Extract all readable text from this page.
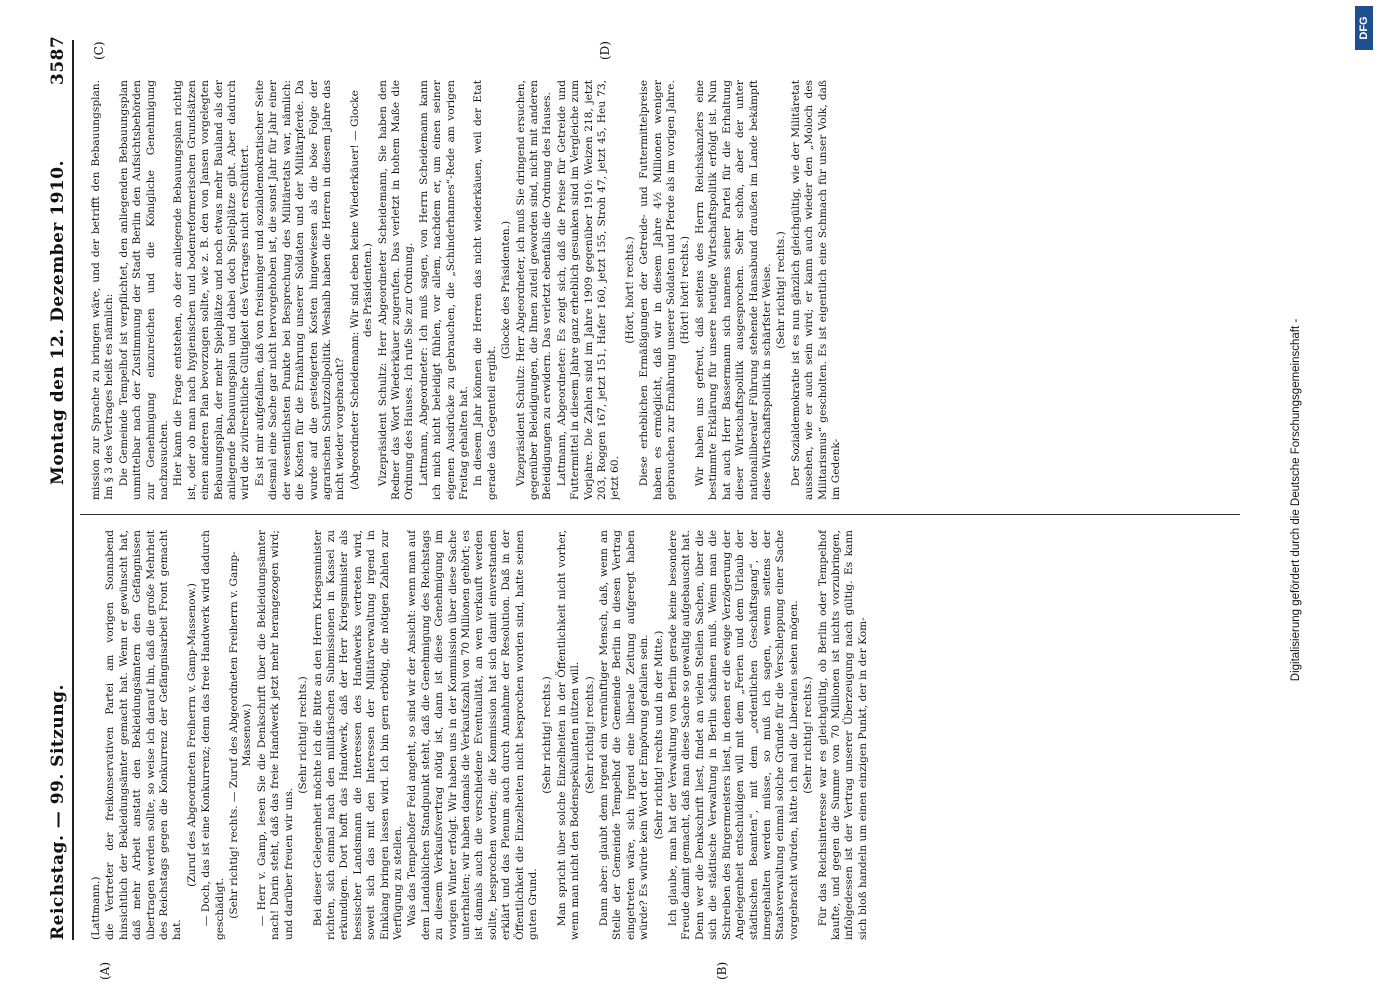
Reichstag. — 99. Sitzung.
Montag den 12. Dezember 1910.
3587
(A)	(B)
(C)	(D)

(Lattmann.) die Vertreter der freikonservativen Partei am vorigen Sonnabend hinsichtlich der Bekleidungsämter gemacht hat. Wenn er gewünscht hat, daß mehr Arbeit anstatt den Bekleidungsämtern den Gefängnissen übertragen werden sollte, so weise ich darauf hin, daß die große Mehrheit des Reichstags gegen die Konkurrenz der Gefängnisarbeit Front gemacht hat.

(Zuruf des Abgeordneten Freiherrn v. Gamp-Massenow.) — Doch, das ist eine Konkurrenz; denn das freie Handwerk wird dadurch geschädigt. (Sehr richtig! rechts. — Zuruf des Abgeordneten Freiherrn v. Gamp-Massenow.) — Herr v. Gamp, lesen Sie die Denkschrift über die Bekleidungsämter nach! Darin steht, daß das freie Handwerk jetzt mehr herangezogen wird; und darüber freuen wir uns.

(Sehr richtig! rechts.) Bei dieser Gelegenheit möchte ich die Bitte an den Herrn Kriegsminister richten, sich einmal nach den militärischen Submissionen in Kassel zu erkundigen. Dort hofft das Handwerk, daß der Herr Kriegsminister als hessischer Landsmann die Interessen des Handwerks vertreten wird, soweit sich das mit den Interessen der Militärverwaltung irgend in Einklang bringen lassen wird. Ich bin gern erbötig, die nötigen Zahlen zur Verfügung zu stellen. Was das Tempelhofer Feld angeht, so sind wir der Ansicht: wenn man auf dem Landablichen Standpunkt steht, daß die Genehmigung des Reichstags zu diesem Verkaufsvertrag nötig ist, dann ist diese Genehmigung im vorigen Winter erfolgt. Wir haben uns in der Kommission über diese Sache unterhalten; wir haben damals die Verkaufszahl von 70 Millionen gehört; es ist damals auch die verschiedene Eventualität, an wen verkauft werden sollte, besprochen worden; die Kommission hat sich damit einverstanden erklärt und das Plenum auch durch Annahme der Resolution. Daß in der Öffentlichkeit die Einzelheiten nicht besprochen worden sind, hatte seinen guten Grund.

(Sehr richtig! rechts.) Man spricht über solche Einzelheiten in der Öffentlichkeit nicht vorher, wenn man nicht den Bodenspekulanten nützen will. (Sehr richtig! rechts.) Dann aber: glaubt denn irgend ein vernünftiger Mensch, daß, wenn an Stelle der Gemeinde Tempelhof die Gemeinde Berlin in diesen Vertrag eingetreten wäre, sich irgend eine liberale Zeitung aufgeregt haben würde? Es würde kein Wort der Empörung gefallen sein. (Sehr richtig! rechts und in der Mitte.) Ich glaube, man hat der Verwaltung von Berlin gerade keine besondere Freude damit gemacht, daß man diese Sache so gewaltig aufgebauscht hat. Denn wer die Denkschrift liest, findet an vielen Stellen Sachen, über die sich die städtische Verwaltung in Berlin schämen muß. Wenn man die Schreiben des Bürgermeisters liest, in denen er die ewige Verzögerung der Angelegenheit entschuldigen will mit dem „Ferien und dem Urlaub der städtischen Beamten“, mit dem „ordentlichen Geschäftsgang“, der innegehalten werden müsse, so muß ich sagen, wenn seitens der Staatsverwaltung einmal solche Gründe für die Verschleppung einer Sache vorgebracht würden, hätte ich mal die Liberalen sehen mögen. (Sehr richtig! rechts.) Für das Reichsinteresse war es gleichgültig, ob Berlin oder Tempelhof kaufte, und gegen die Summe von 70 Millionen ist nichts vorzubringen, infolgedessen ist der Vertrag unserer Überzeugung nach gültig. Es kann sich bloß handeln um einen einzigen Punkt, der in der Kom-

mission zur Sprache zu bringen wäre, und der betrifft den Bebauungsplan. Im § 3 des Vertrages heißt es nämlich: Die Gemeinde Tempelhof ist verpflichtet, den anliegenden Bebauungsplan unmittelbar nach der Zustimmung der Stadt Berlin den Aufsichtsbehörden zur Genehmigung einzureichen und die Königliche Genehmigung nachzusuchen. Hier kann die Frage entstehen, ob der anliegende Bebauungsplan richtig ist, oder ob man nach hygienischen und bodenreformerischen Grundsätzen einen anderen Plan bevorzugen sollte, wie z. B. den von Jansen vorgelegten Bebauungsplan, der mehr Spielplätze und noch etwas mehr Bauland als der anliegende Bebauungsplan und dabei doch Spielplätze gibt. Aber dadurch wird die zivilrechtliche Gültigkeit des Vertrages nicht erschüttert. Es ist mir aufgefallen, daß von freisinniger und sozialdemokratischer Seite diesmal eine Sache gar nicht hervorgehoben ist, die sonst Jahr für Jahr einer der wesentlichsten Punkte bei Besprechung des Militäretats war, nämlich: die Kosten für die Ernährung unserer Soldaten und der Militärpferde. Da wurde auf die gesteigerten Kosten hingewiesen als die böse Folge der agrarischen Schutzzollpolitik. Weshalb haben die Herren in diesem Jahre das nicht wieder vorgebracht? (Abgeordneter Scheidemann: Wir sind eben keine Wiederkäuer! — Glocke des Präsidenten.) Vizepräsident Schultz: Herr Abgeordneter Scheidemann, Sie haben den Redner das Wort Wiederkäuer zugerufen. Das verletzt in hohem Maße die Ordnung des Hauses. Ich rufe Sie zur Ordnung. Lattmann, Abgeordneter: Ich muß sagen, von Herrn Scheidemann kann ich mich nicht beleidigt fühlen, vor allem, nachdem er, um einen seiner eigenen Ausdrücke zu gebrauchen, die „Schinderhannes“-Rede am vorigen Freitag gehalten hat. In diesem Jahr können die Herren das nicht wiederkäuen, weil der Etat gerade das Gegenteil ergibt.

(Glocke des Präsidenten.) Vizepräsident Schultz: Herr Abgeordneter, ich muß Sie dringend ersuchen, gegenüber Beleidigungen, die Ihnen zuteil geworden sind, nicht mit anderen Beleidigungen zu erwidern. Das verletzt ebenfalls die Ordnung des Hauses. Lattmann, Abgeordneter: Es zeigt sich, daß die Preise für Getreide und Futtermittel in diesem Jahre ganz erheblich gesunken sind im Vergleiche zum Vorjahre. Die Zahlen sind im Jahre 1909 gegenüber 1910: Weizen 218, jetzt 203, Roggen 167, jetzt 151, Hafer 160, jetzt 155, Stroh 47, jetzt 45, Heu 73, jetzt 60.

(Hört, hört! rechts.) Diese erheblichen Ermäßigungen der Getreide- und Futtermittelpreise haben es ermöglicht, daß wir in diesem Jahre 4½ Millionen weniger gebrauchen zur Ernährung unserer Soldaten und Pferde als im vorigen Jahre. (Hört! hört! rechts.) Wir haben uns gefreut, daß seitens des Herrn Reichskanzlers eine bestimmte Erklärung für unsere heutige Wirtschaftspolitik erfolgt ist. Nun hat auch Herr Bassermann sich namens seiner Partei für die Erhaltung dieser Wirtschaftspolitik ausgesprochen. Sehr schön, aber der unter nationalliberaler Führung stehende Hansabund draußen im Lande bekämpft diese Wirtschaftspolitik in schärfster Weise. (Sehr richtig! rechts.) Der Sozialdemokratie ist es nun gänzlich gleichgültig, wie der Militäretat aussehen, wie er auch sein wird; er kann auch wieder den „Moloch des Militarismus“ gescholten. Es ist eigentlich eine Schmach für unser Volk, daß im Gedenk-	Digitalisierung gefördert durch die Deutsche Forschungsgemeinschaft -
DFG
